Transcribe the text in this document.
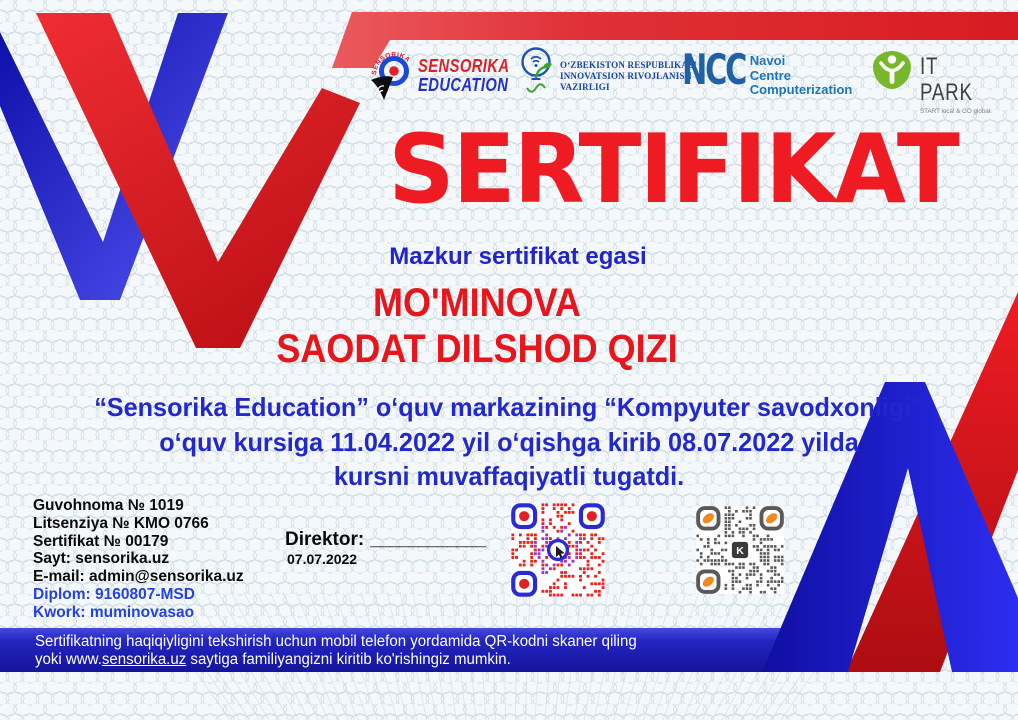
SENSORIKA SENSORIKA
EDUCATION
O‘ZBEKISTON RESPUBLIKASI
INNOVATSION RIVOJLANISH
VAZIRLIGI	NCC Navoi
Centre
Computerization
IT PARK
START local & GO global.
SERTIFIKAT
Mazkur sertifikat egasi
MO'MINOVA
SAODAT DILSHOD QIZI
“Sensorika Education” o‘quv markazining “Kompyuter savodxonligi”
o‘quv kursiga 11.04.2022 yil o‘qishga kirib 08.07.2022 yilda
kursni muvaffaqiyatli tugatdi.
Guvohnoma № 1019
Litsenziya № KMO 0766
Sertifikat № 00179
Sayt: sensorika.uz
E-mail: admin@sensorika.uz
Diplom: 9160807-MSD
Kwork: muminovasao
Direktor: ____________
07.07.2022
K
Sertifikatning haqiqiyligini tekshirish uchun mobil telefon yordamida QR-kodni skaner qiling
yoki www.sensorika.uz saytiga familiyangizni kiritib ko'rishingiz mumkin.
